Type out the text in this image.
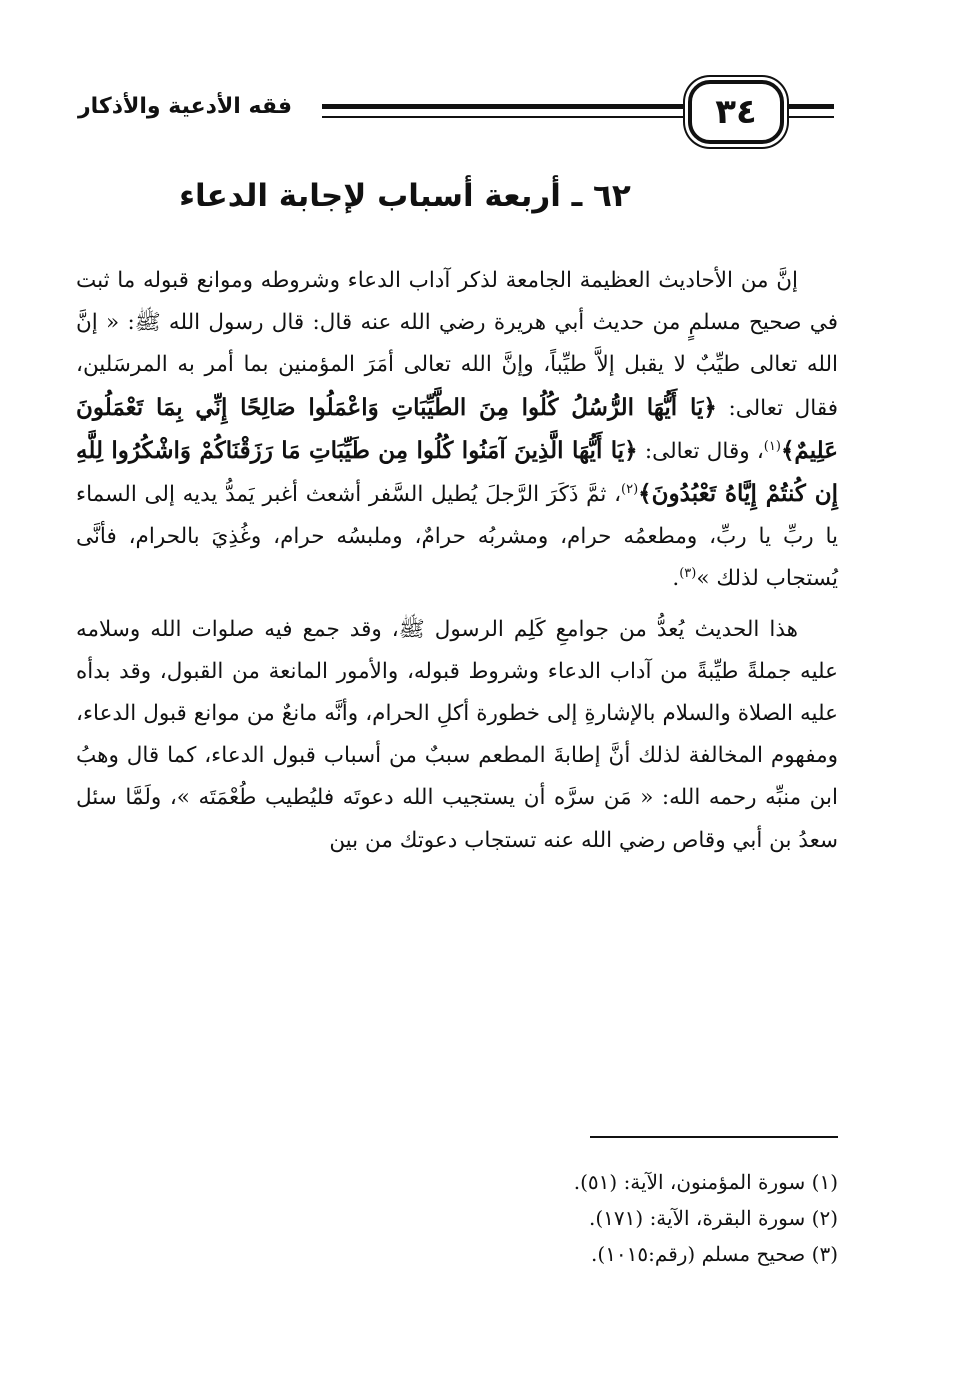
فقه الأدعية والأذكار	٣٤
٦٢ ـ أربعة أسباب لإجابة الدعاء

إنَّ من الأحاديث العظيمة الجامعة لذكر آداب الدعاء وشروطه وموانع قبوله ما ثبت في صحيح مسلمٍ من حديث أبي هريرة رضي الله عنه قال: قال رسول الله ﷺ: « إنَّ الله تعالى طيِّبٌ لا يقبل إلاَّ طيِّباً، وإنَّ الله تعالى أمَرَ المؤمنين بما أمر به المرسَلين، فقال تعالى: ﴿يَا أَيُّهَا الرُّسُلُ كُلُوا مِنَ الطَّيِّبَاتِ وَاعْمَلُوا صَالِحًا إِنِّي بِمَا تَعْمَلُونَ عَلِيمٌ﴾$^{(١)}$، وقال تعالى: ﴿يَا أَيُّهَا الَّذِينَ آمَنُوا كُلُوا مِن طَيِّبَاتِ مَا رَزَقْنَاكُمْ وَاشْكُرُوا لِلَّهِ إِن كُنتُمْ إِيَّاهُ تَعْبُدُونَ﴾$^{(٢)}$، ثمَّ ذَكَرَ الرَّجلَ يُطيل السَّفر أشعث أغبر يَمدُّ يديه إلى السماء يا ربِّ يا ربِّ، ومطعمُه حرام، ومشربُه حرامٌ، وملبسُه حرام، وغُذِيَ بالحرام، فأنَّى يُستجاب لذلك »$^{(٣)}$.

هذا الحديث يُعدُّ من جوامعِ كَلِم الرسول ﷺ، وقد جمع فيه صلوات الله وسلامه عليه جملةً طيِّبةً من آداب الدعاء وشروط قبوله، والأمور المانعة من القبول، وقد بدأه عليه الصلاة والسلام بالإشارةِ إلى خطورة أكلِ الحرام، وأنَّه مانعٌ من موانع قبول الدعاء، ومفهوم المخالفة لذلك أنَّ إطابةَ المطعم سببٌ من أسباب قبول الدعاء، كما قال وهبُ ابن منبِّه رحمه الله: « مَن سرَّه أن يستجيب الله دعوتَه فليُطيب طُعْمَتَه »، ولَمَّا سئل سعدُ بن أبي وقاص رضي الله عنه تستجاب دعوتك من بين

(١) سورة المؤمنون، الآية: (٥١).
(٢) سورة البقرة، الآية: (١٧١).
(٣) صحيح مسلم (رقم:١٠١٥).
